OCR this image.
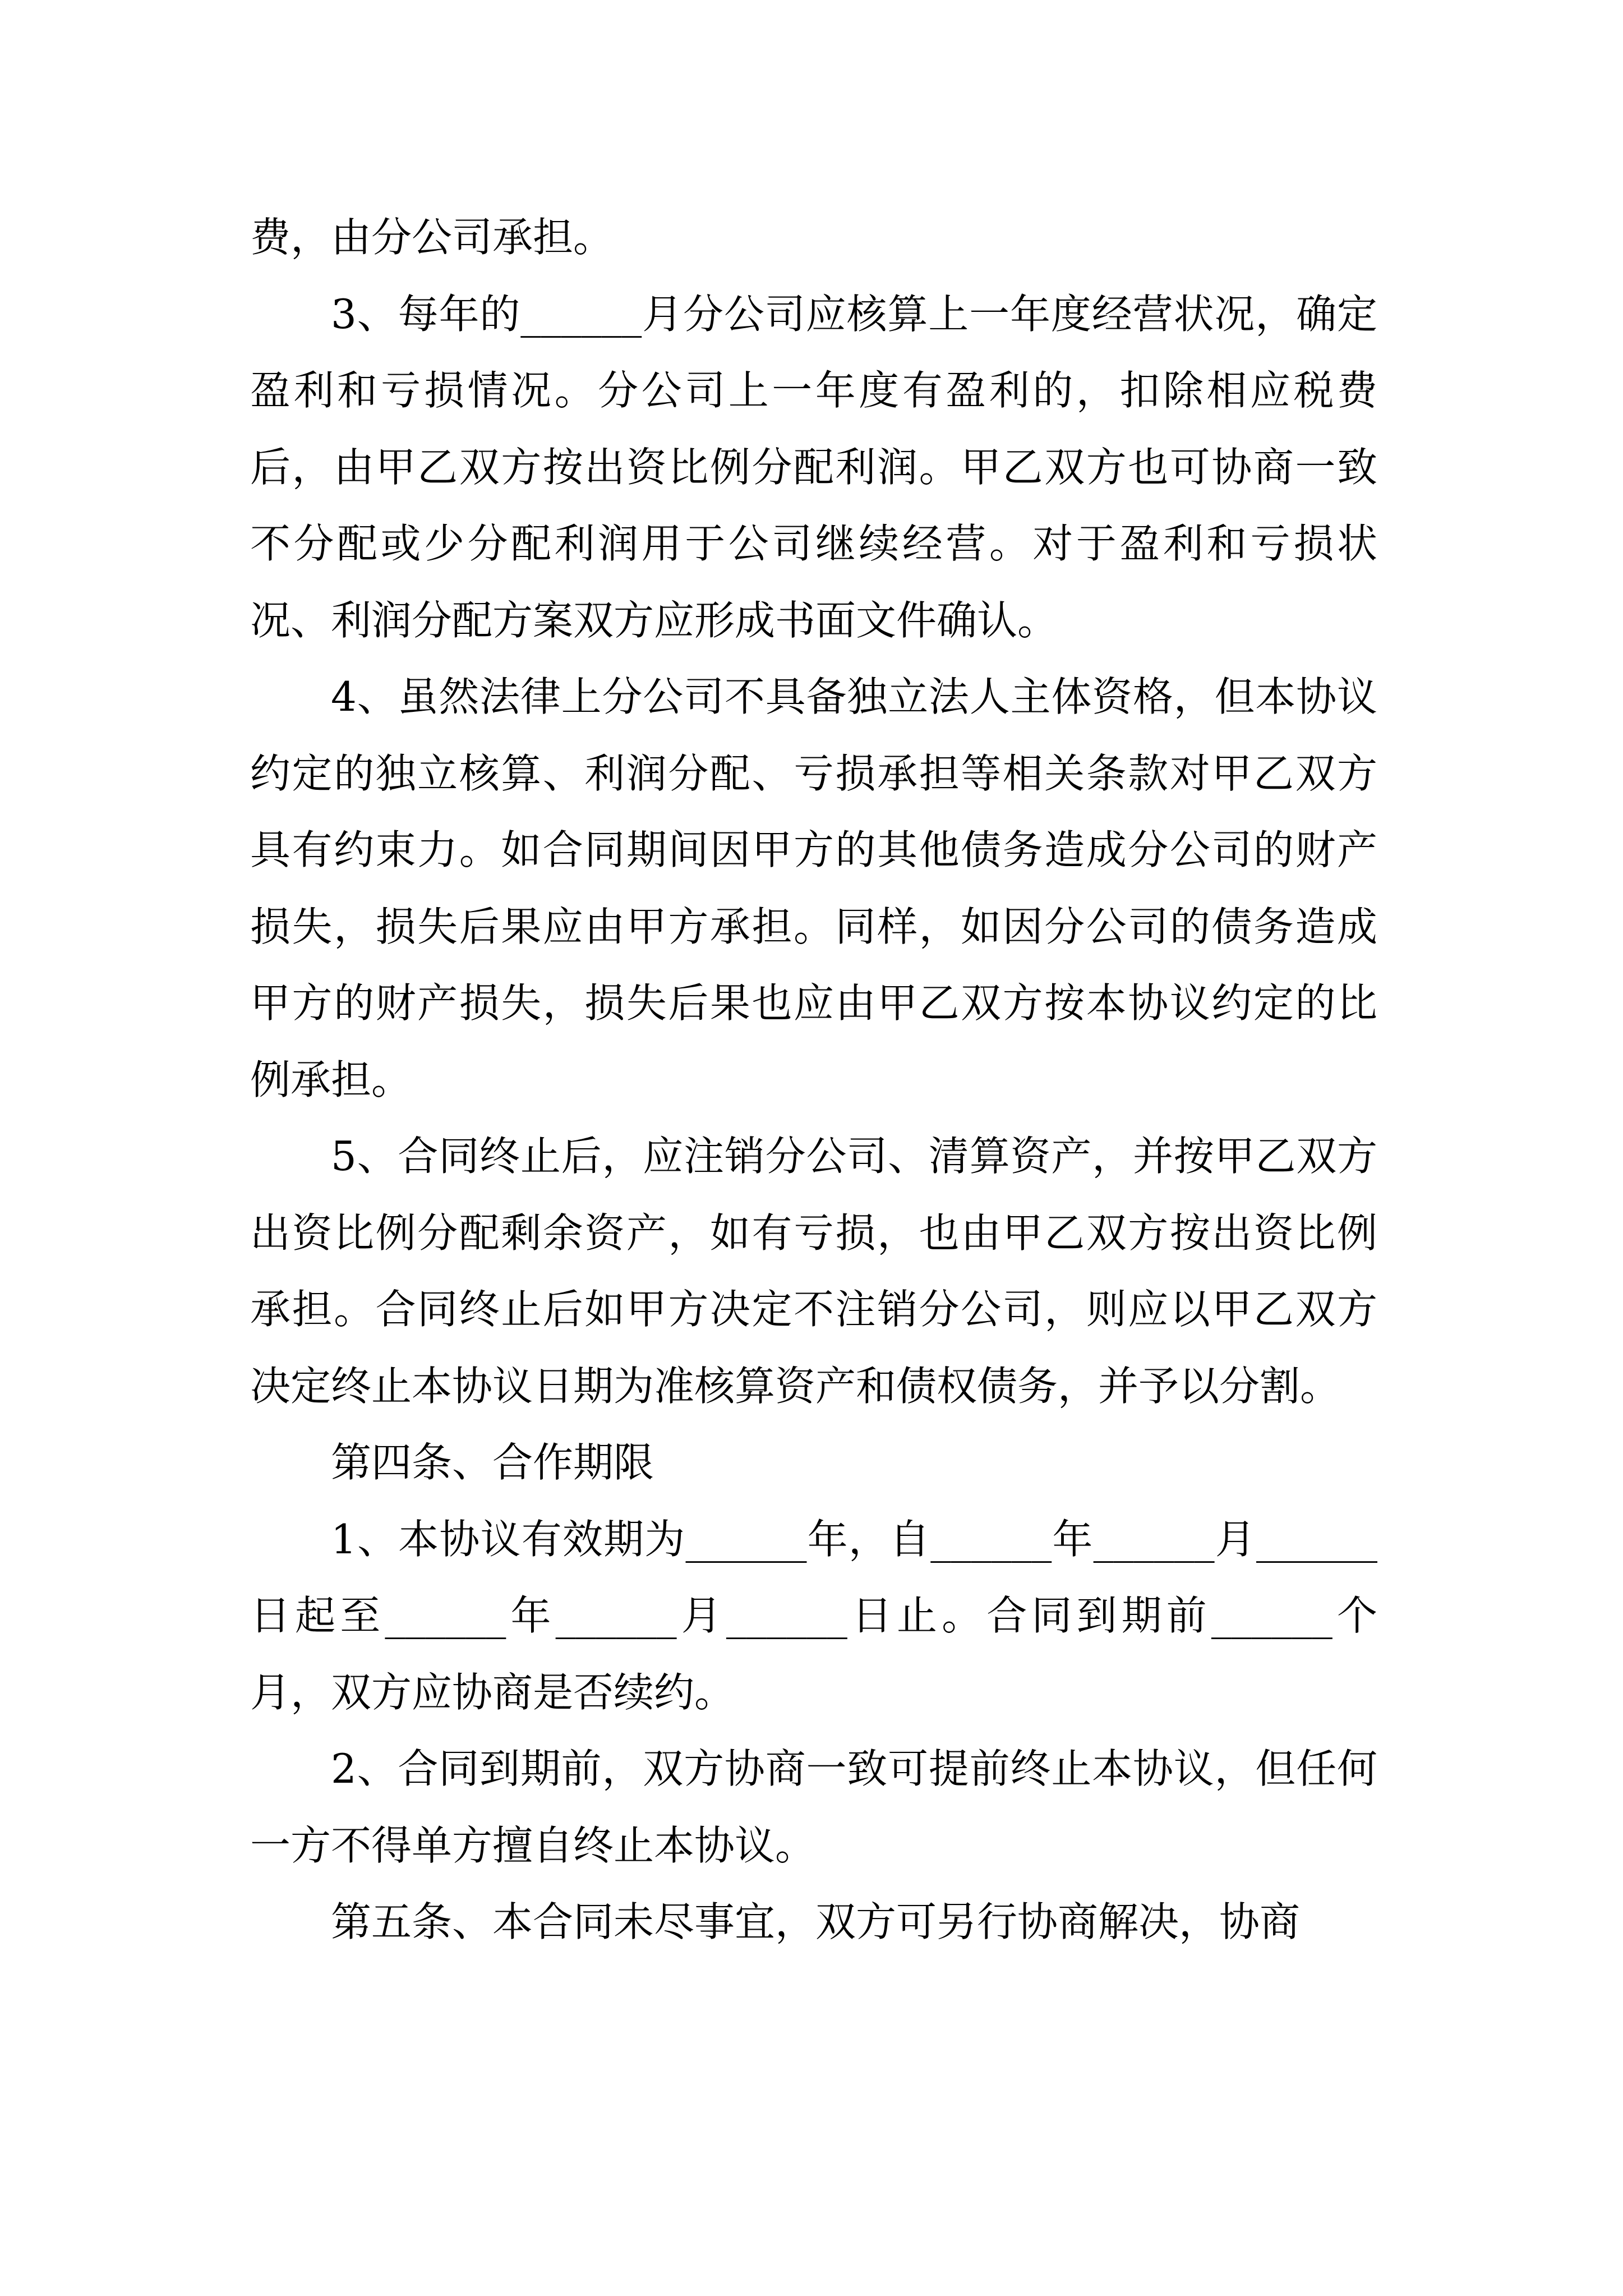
费，由分公司承担。

3、每年的______月分公司应核算上一年度经营状况，确定盈利和亏损情况。分公司上一年度有盈利的，扣除相应税费后，由甲乙双方按出资比例分配利润。甲乙双方也可协商一致不分配或少分配利润用于公司继续经营。对于盈利和亏损状况、利润分配方案双方应形成书面文件确认。

4、虽然法律上分公司不具备独立法人主体资格，但本协议约定的独立核算、利润分配、亏损承担等相关条款对甲乙双方具有约束力。如合同期间因甲方的其他债务造成分公司的财产损失，损失后果应由甲方承担。同样，如因分公司的债务造成甲方的财产损失，损失后果也应由甲乙双方按本协议约定的比例承担。

5、合同终止后，应注销分公司、清算资产，并按甲乙双方出资比例分配剩余资产，如有亏损，也由甲乙双方按出资比例承担。合同终止后如甲方决定不注销分公司，则应以甲乙双方决定终止本协议日期为准核算资产和债权债务，并予以分割。

第四条、合作期限

1、本协议有效期为______年，自______年______月______日起至______年______月______日止。合同到期前______个月，双方应协商是否续约。

2、合同到期前，双方协商一致可提前终止本协议，但任何一方不得单方擅自终止本协议。

第五条、本合同未尽事宜，双方可另行协商解决，协商
